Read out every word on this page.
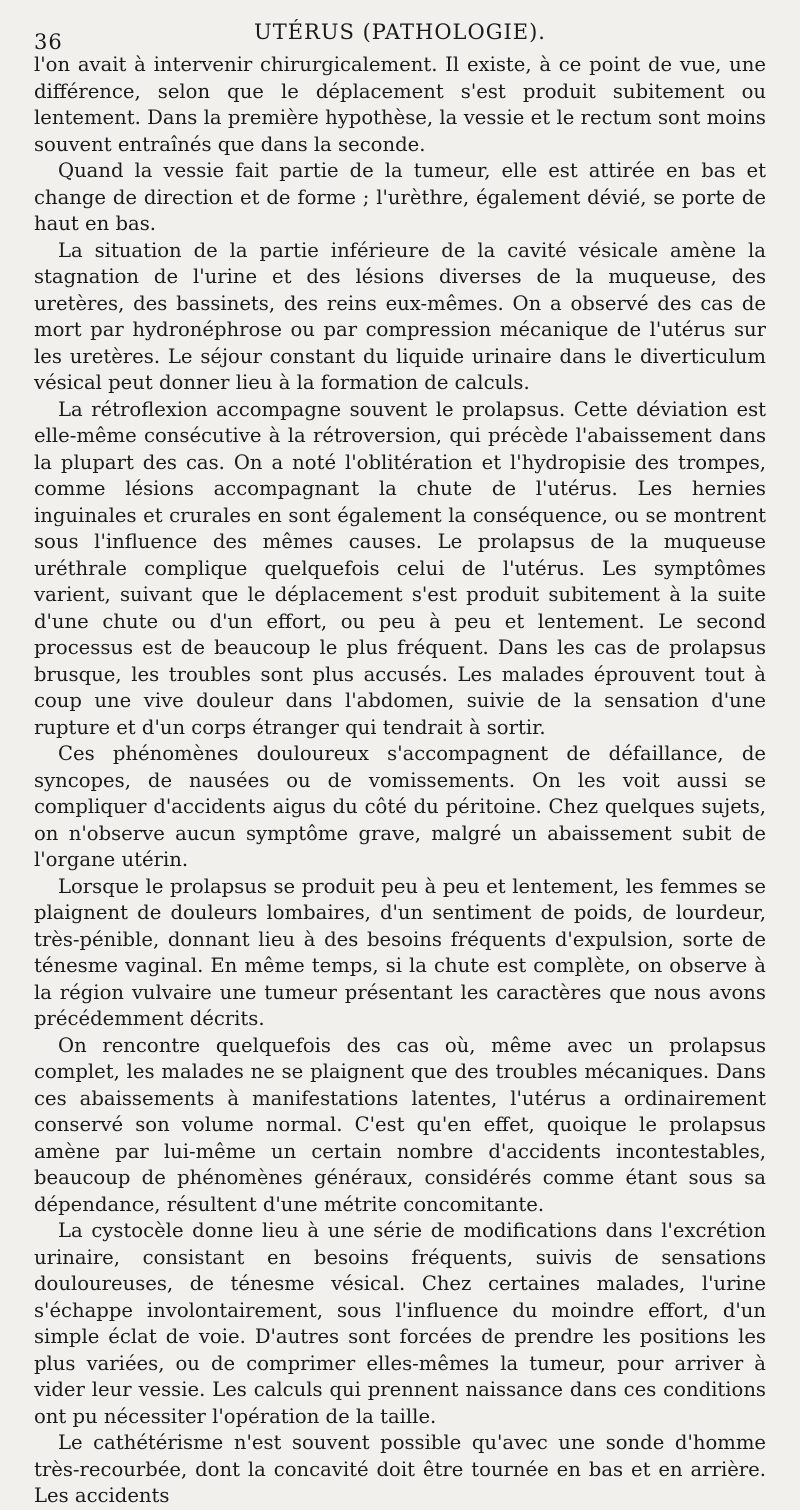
36	UTÉRUS (PATHOLOGIE).

l'on avait à intervenir chirurgicalement. Il existe, à ce point de vue, une différence, selon que le déplacement s'est produit subitement ou lentement. Dans la première hypothèse, la vessie et le rectum sont moins souvent entraînés que dans la seconde.

Quand la vessie fait partie de la tumeur, elle est attirée en bas et change de direction et de forme ; l'urèthre, également dévié, se porte de haut en bas.

La situation de la partie inférieure de la cavité vésicale amène la stagnation de l'urine et des lésions diverses de la muqueuse, des uretères, des bassinets, des reins eux-mêmes. On a observé des cas de mort par hydronéphrose ou par compression mécanique de l'utérus sur les uretères. Le séjour constant du liquide urinaire dans le diverticulum vésical peut donner lieu à la formation de calculs.

La rétroflexion accompagne souvent le prolapsus. Cette déviation est elle-même consécutive à la rétroversion, qui précède l'abaissement dans la plupart des cas. On a noté l'oblitération et l'hydropisie des trompes, comme lésions accompagnant la chute de l'utérus. Les hernies inguinales et crurales en sont également la conséquence, ou se montrent sous l'influence des mêmes causes. Le prolapsus de la muqueuse uréthrale complique quelquefois celui de l'utérus. Les symptômes varient, suivant que le déplacement s'est produit subitement à la suite d'une chute ou d'un effort, ou peu à peu et lentement. Le second processus est de beaucoup le plus fréquent. Dans les cas de prolapsus brusque, les troubles sont plus accusés. Les malades éprouvent tout à coup une vive douleur dans l'abdomen, suivie de la sensation d'une rupture et d'un corps étranger qui tendrait à sortir.

Ces phénomènes douloureux s'accompagnent de défaillance, de syncopes, de nausées ou de vomissements. On les voit aussi se compliquer d'accidents aigus du côté du péritoine. Chez quelques sujets, on n'observe aucun symptôme grave, malgré un abaissement subit de l'organe utérin.

Lorsque le prolapsus se produit peu à peu et lentement, les femmes se plaignent de douleurs lombaires, d'un sentiment de poids, de lourdeur, très-pénible, donnant lieu à des besoins fréquents d'expulsion, sorte de ténesme vaginal. En même temps, si la chute est complète, on observe à la région vulvaire une tumeur présentant les caractères que nous avons précédemment décrits.

On rencontre quelquefois des cas où, même avec un prolapsus complet, les malades ne se plaignent que des troubles mécaniques. Dans ces abaissements à manifestations latentes, l'utérus a ordinairement conservé son volume normal. C'est qu'en effet, quoique le prolapsus amène par lui-même un certain nombre d'accidents incontestables, beaucoup de phénomènes généraux, considérés comme étant sous sa dépendance, résultent d'une métrite concomitante.

La cystocèle donne lieu à une série de modifications dans l'excrétion urinaire, consistant en besoins fréquents, suivis de sensations douloureuses, de ténesme vésical. Chez certaines malades, l'urine s'échappe involontairement, sous l'influence du moindre effort, d'un simple éclat de voie. D'autres sont forcées de prendre les positions les plus variées, ou de comprimer elles-mêmes la tumeur, pour arriver à vider leur vessie. Les calculs qui prennent naissance dans ces conditions ont pu nécessiter l'opération de la taille.

Le cathétérisme n'est souvent possible qu'avec une sonde d'homme très-recourbée, dont la concavité doit être tournée en bas et en arrière. Les accidents
